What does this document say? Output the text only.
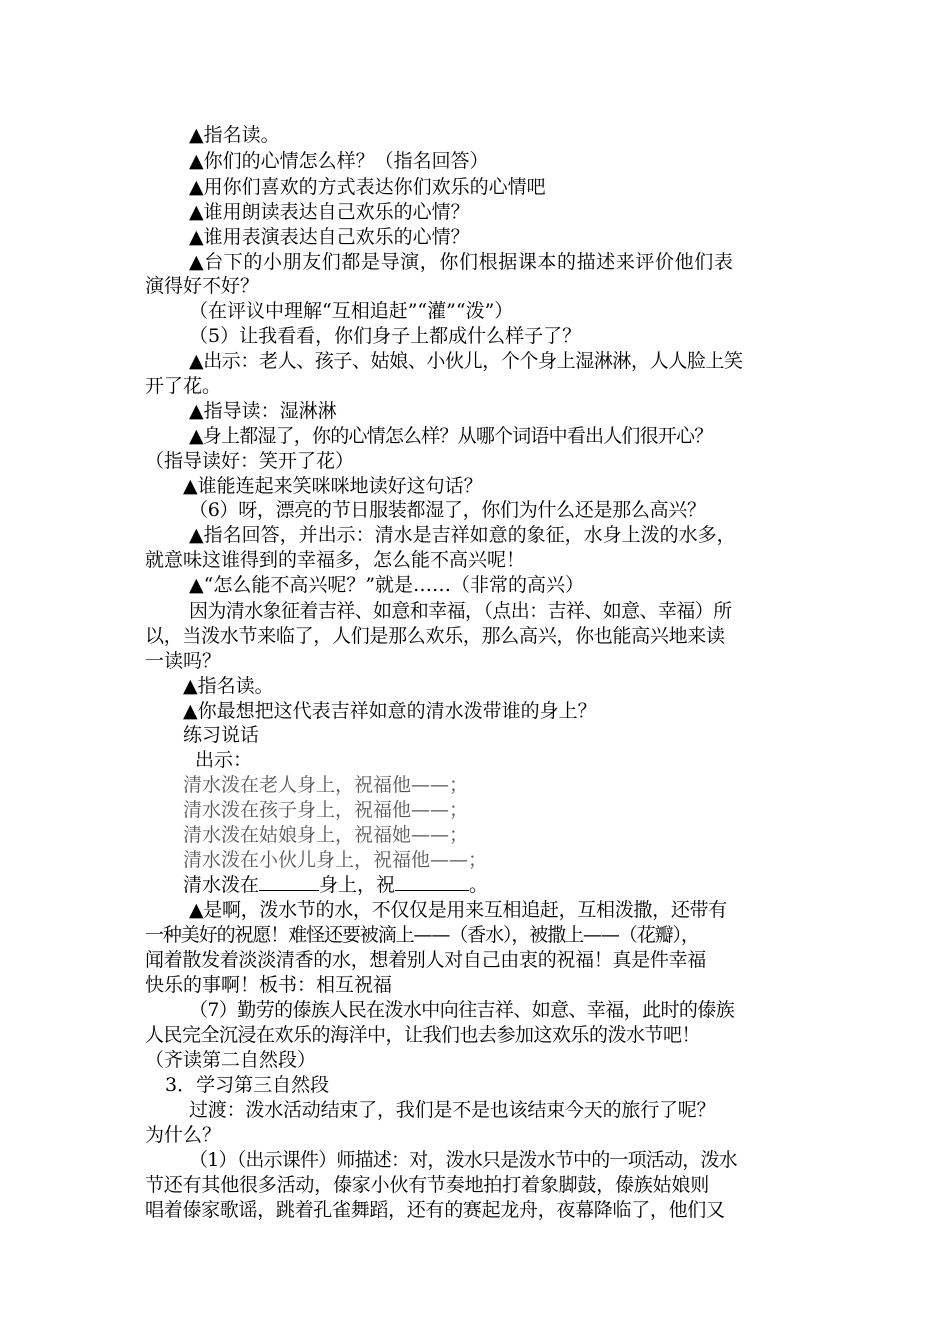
▲指名读。
▲你们的心情怎么样？（指名回答）
▲用你们喜欢的方式表达你们欢乐的心情吧
▲谁用朗读表达自己欢乐的心情？
▲谁用表演表达自己欢乐的心情？
▲台下的小朋友们都是导演，你们根据课本的描述来评价他们表
演得好不好？
（在评议中理解“互相追赶”“灌”“泼”）
（5）让我看看，你们身子上都成什么样子了？
▲出示：老人、孩子、姑娘、小伙儿，个个身上湿淋淋，人人脸上笑
开了花。
▲指导读：湿淋淋
▲身上都湿了，你的心情怎么样？从哪个词语中看出人们很开心？
（指导读好：笑开了花）
▲谁能连起来笑咪咪地读好这句话？
（6）呀，漂亮的节日服装都湿了，你们为什么还是那么高兴？
▲指名回答，并出示：清水是吉祥如意的象征，水身上泼的水多，
就意味这谁得到的幸福多，怎么能不高兴呢！
▲“怎么能不高兴呢？”就是……（非常的高兴）
因为清水象征着吉祥、如意和幸福，（点出：吉祥、如意、幸福）所
以，当泼水节来临了，人们是那么欢乐，那么高兴，你也能高兴地来读
一读吗？
▲指名读。
▲你最想把这代表吉祥如意的清水泼带谁的身上？
练习说话
出示：
清水泼在老人身上，祝福他——；
清水泼在孩子身上，祝福他——；
清水泼在姑娘身上，祝福她——；
清水泼在小伙儿身上，祝福他——；
清水泼在	身上，祝	。
▲是啊，泼水节的水，不仅仅是用来互相追赶，互相泼撒，还带有
一种美好的祝愿！难怪还要被滴上——（香水），被撒上——（花瓣），
闻着散发着淡淡清香的水，想着别人对自己由衷的祝福！真是件幸福
快乐的事啊！板书：相互祝福
（7）勤劳的傣族人民在泼水中向往吉祥、如意、幸福，此时的傣族
人民完全沉浸在欢乐的海洋中，让我们也去参加这欢乐的泼水节吧！
（齐读第二自然段）
3．学习第三自然段
过渡：泼水活动结束了，我们是不是也该结束今天的旅行了呢？
为什么？
（1）（出示课件）师描述：对，泼水只是泼水节中的一项活动，泼水
节还有其他很多活动，傣家小伙有节奏地拍打着象脚鼓，傣族姑娘则
唱着傣家歌谣，跳着孔雀舞蹈，还有的赛起龙舟，夜幕降临了，他们又
